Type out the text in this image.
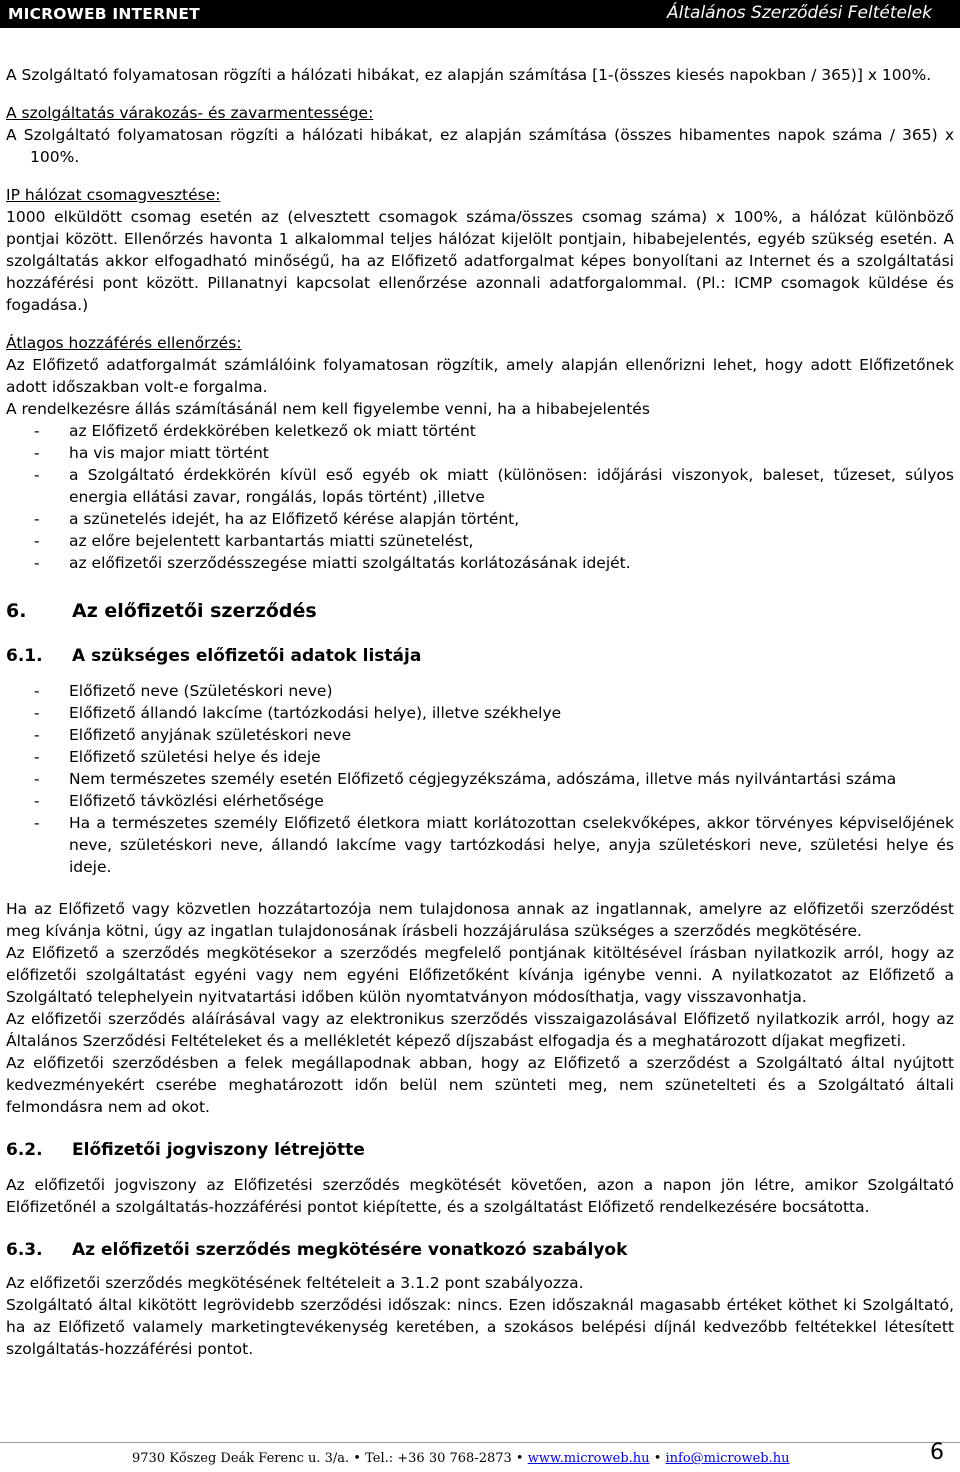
MICROWEB INTERNET	Általános Szerződési Feltételek

A Szolgáltató folyamatosan rögzíti a hálózati hibákat, ez alapján számítása [1-(összes kiesés napokban / 365)] x 100%.

A szolgáltatás várakozás- és zavarmentessége:

A Szolgáltató folyamatosan rögzíti a hálózati hibákat, ez alapján számítása (összes hibamentes napok száma / 365) x 100%.

IP hálózat csomagvesztése:

1000 elküldött csomag esetén az (elvesztett csomagok száma/összes csomag száma) x 100%, a hálózat különböző pontjai között. Ellenőrzés havonta 1 alkalommal teljes hálózat kijelölt pontjain, hibabejelentés, egyéb szükség esetén. A szolgáltatás akkor elfogadható minőségű, ha az Előfizető adatforgalmat képes bonyolítani az Internet és a szolgáltatási hozzáférési pont között. Pillanatnyi kapcsolat ellenőrzése azonnali adatforgalommal. (Pl.: ICMP csomagok küldése és fogadása.)

Átlagos hozzáférés ellenőrzés:

Az Előfizető adatforgalmát számlálóink folyamatosan rögzítik, amely alapján ellenőrizni lehet, hogy adott Előfizetőnek adott időszakban volt-e forgalma.

A rendelkezésre állás számításánál nem kell figyelembe venni, ha a hibabejelentés

- az Előfizető érdekkörében keletkező ok miatt történt
- ha vis major miatt történt
- a Szolgáltató érdekkörén kívül eső egyéb ok miatt (különösen: időjárási viszonyok, baleset, tűzeset, súlyos energia ellátási zavar, rongálás, lopás történt) ,illetve
- a szünetelés idejét, ha az Előfizető kérése alapján történt,
- az előre bejelentett karbantartás miatti szünetelést,
- az előfizetői szerződésszegése miatti szolgáltatás korlátozásának idejét.

6. Az előfizetői szerződés

6.1. A szükséges előfizetői adatok listája

- Előfizető neve (Születéskori neve)
- Előfizető állandó lakcíme (tartózkodási helye), illetve székhelye
- Előfizető anyjának születéskori neve
- Előfizető születési helye és ideje
- Nem természetes személy esetén Előfizető cégjegyzékszáma, adószáma, illetve más nyilvántartási száma
- Előfizető távközlési elérhetősége
- Ha a természetes személy Előfizető életkora miatt korlátozottan cselekvőképes, akkor törvényes képviselőjének neve, születéskori neve, állandó lakcíme vagy tartózkodási helye, anyja születéskori neve, születési helye és ideje.

Ha az Előfizető vagy közvetlen hozzátartozója nem tulajdonosa annak az ingatlannak, amelyre az előfizetői szerződést meg kívánja kötni, úgy az ingatlan tulajdonosának írásbeli hozzájárulása szükséges a szerződés megkötésére.

Az Előfizető a szerződés megkötésekor a szerződés megfelelő pontjának kitöltésével írásban nyilatkozik arról, hogy az előfizetői szolgáltatást egyéni vagy nem egyéni Előfizetőként kívánja igénybe venni. A nyilatkozatot az Előfizető a Szolgáltató telephelyein nyitvatartási időben külön nyomtatványon módosíthatja, vagy visszavonhatja.

Az előfizetői szerződés aláírásával vagy az elektronikus szerződés visszaigazolásával Előfizető nyilatkozik arról, hogy az Általános Szerződési Feltételeket és a mellékletét képező díjszabást elfogadja és a meghatározott díjakat megfizeti.

Az előfizetői szerződésben a felek megállapodnak abban, hogy az Előfizető a szerződést a Szolgáltató által nyújtott kedvezményekért cserébe meghatározott időn belül nem szünteti meg, nem szünetelteti és a Szolgáltató általi felmondásra nem ad okot.

6.2. Előfizetői jogviszony létrejötte

Az előfizetői jogviszony az Előfizetési szerződés megkötését követően, azon a napon jön létre, amikor Szolgáltató Előfizetőnél a szolgáltatás-hozzáférési pontot kiépítette, és a szolgáltatást Előfizető rendelkezésére bocsátotta.

6.3. Az előfizetői szerződés megkötésére vonatkozó szabályok

Az előfizetői szerződés megkötésének feltételeit a 3.1.2 pont szabályozza.

Szolgáltató által kikötött legrövidebb szerződési időszak: nincs. Ezen időszaknál magasabb értéket köthet ki Szolgáltató, ha az Előfizető valamely marketingtevékenység keretében, a szokásos belépési díjnál kedvezőbb feltétekkel létesített szolgáltatás-hozzáférési pontot.

9730 Kőszeg Deák Ferenc u. 3/a. • Tel.: +36 30 768-2873 • www.microweb.hu • info@microweb.hu	6
